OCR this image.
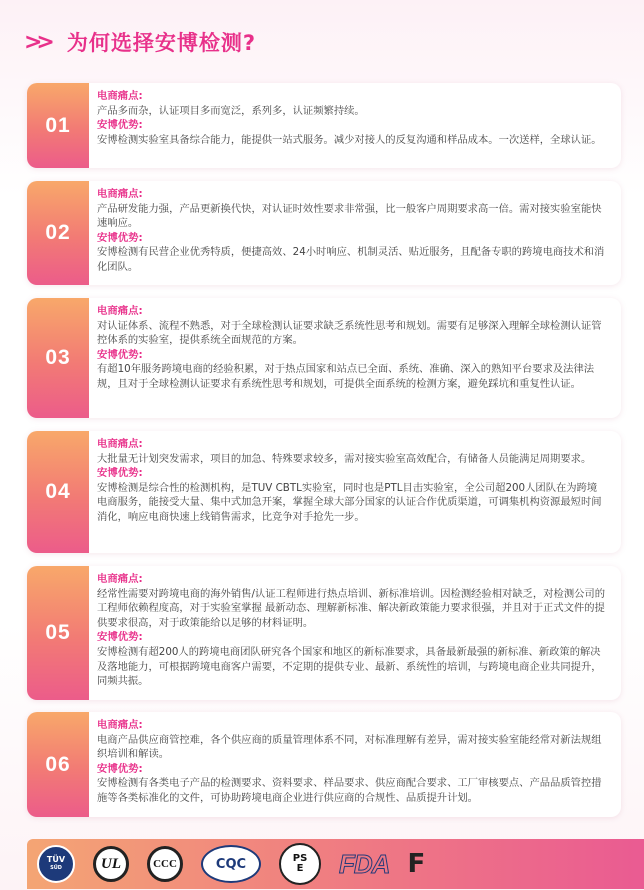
>> 为何选择安博检测?
01
电商痛点:

产品多而杂，认证项目多而宽泛，系列多，认证频繁持续。

安博优势:

安博检测实验室具备综合能力，能提供一站式服务。减少对接人的反复沟通和样品成本。一次送样，全球认证。

02
电商痛点:

产品研发能力强，产品更新换代快，对认证时效性要求非常强，比一般客户周期要求高一倍。需对接实验室能快速响应。

安博优势:

安博检测有民营企业优秀特质，便捷高效、24小时响应、机制灵活、贴近服务，且配备专职的跨境电商技术和消化团队。

03
电商痛点:

对认证体系、流程不熟悉，对于全球检测认证要求缺乏系统性思考和规划。需要有足够深入理解全球检测认证管控体系的实验室，提供系统全面规范的方案。

安博优势:

有超10年服务跨境电商的经验积累，对于热点国家和站点已全面、系统、准确、深入的熟知平台要求及法律法规，且对于全球检测认证要求有系统性思考和规划，可提供全面系统的检测方案，避免踩坑和重复性认证。

04
电商痛点:

大批量无计划突发需求，项目的加急、特殊要求较多，需对接实验室高效配合，有储备人员能满足周期要求。

安博优势:

安博检测是综合性的检测机构，是TUV CBTL实验室，同时也是PTL目击实验室，全公司超200人团队在为跨境电商服务，能接受大量、集中式加急开案，掌握全球大部分国家的认证合作优质渠道，可调集机构资源最短时间消化，响应电商快速上线销售需求，比竞争对手抢先一步。

05
电商痛点:

经常性需要对跨境电商的海外销售/认证工程师进行热点培训、新标准培训。因检测经验相对缺乏，对检测公司的工程师依赖程度高，对于实验室掌握 最新动态、理解新标准、解决新政策能力要求很强，并且对于正式文件的提供要求很高，对于政策能给以足够的材料证明。

安博优势:

安博检测有超200人的跨境电商团队研究各个国家和地区的新标准要求，具备最新最强的新标准、新政策的解决及落地能力，可根据跨境电商客户需要，不定期的提供专业、最新、系统性的培训，与跨境电商企业共同提升，同频共振。

06
电商痛点:

电商产品供应商管控难，各个供应商的质量管理体系不同，对标准理解有差异，需对接实验室能经常对新法规组织培训和解读。

安博优势:

安博检测有各类电子产品的检测要求、资料要求、样品要求、供应商配合要求、工厂审核要点、产品品质管控措施等各类标准化的文件，可协助跨境电商企业进行供应商的合规性、品质提升计划。

TÜV
SÜD	UL	CCC	CQC	PS
E FDA F
